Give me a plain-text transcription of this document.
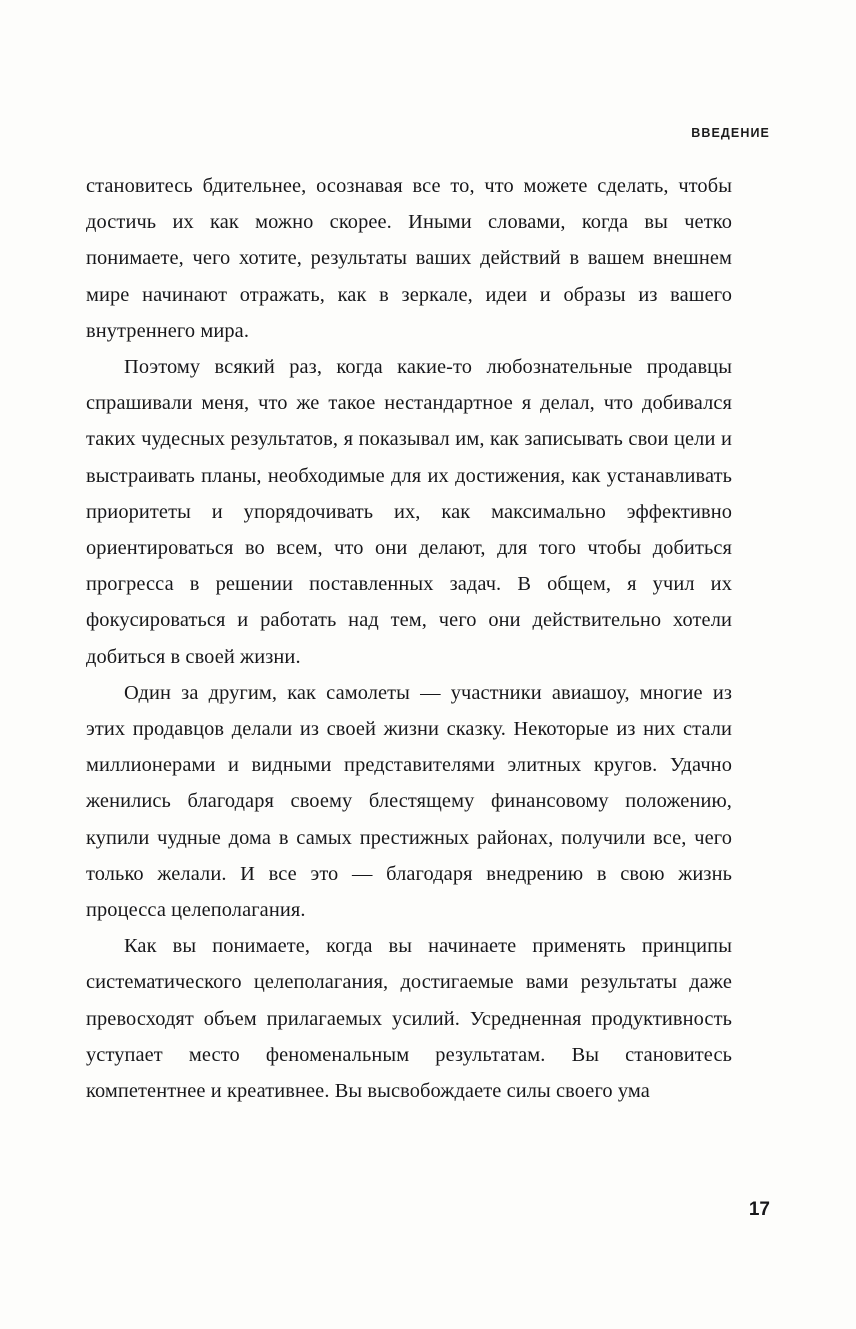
ВВЕДЕНИЕ

становитесь бдительнее, осознавая все то, что можете сделать, чтобы достичь их как можно скорее. Иными словами, когда вы четко понимаете, чего хотите, результаты ваших действий в вашем внешнем мире начинают отражать, как в зеркале, идеи и образы из вашего внутреннего мира.

Поэтому всякий раз, когда какие-то любознательные продавцы спрашивали меня, что же такое нестандартное я делал, что добивался таких чудесных результатов, я показывал им, как записывать свои цели и выстраивать планы, необходимые для их достижения, как устанавливать приоритеты и упорядочивать их, как максимально эффективно ориентироваться во всем, что они делают, для того чтобы добиться прогресса в решении поставленных задач. В общем, я учил их фокусироваться и работать над тем, чего они действительно хотели добиться в своей жизни.

Один за другим, как самолеты — участники авиашоу, многие из этих продавцов делали из своей жизни сказку. Некоторые из них стали миллионерами и видными представителями элитных кругов. Удачно женились благодаря своему блестящему финансовому положению, купили чудные дома в самых престижных районах, получили все, чего только желали. И все это — благодаря внедрению в свою жизнь процесса целеполагания.

Как вы понимаете, когда вы начинаете применять принципы систематического целеполагания, достигаемые вами результаты даже превосходят объем прилагаемых усилий. Усредненная продуктивность уступает место феноменальным результатам. Вы становитесь компетентнее и креативнее. Вы высвобождаете силы своего ума

17
